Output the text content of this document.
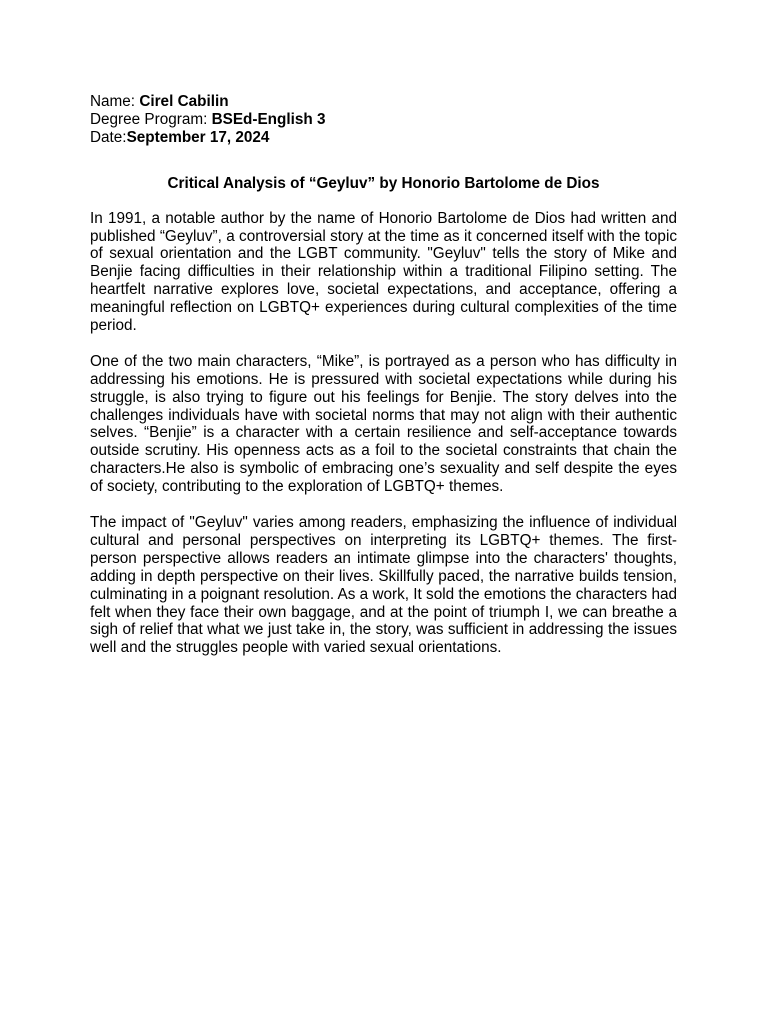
Name: Cirel Cabilin

Degree Program: BSEd-English 3

Date:September 17, 2024

Critical Analysis of “Geyluv” by Honorio Bartolome de Dios

In 1991, a notable author by the name of Honorio Bartolome de Dios had written and published “Geyluv”, a controversial story at the time as it concerned itself with the topic of sexual orientation and the LGBT community. "Geyluv" tells the story of Mike and Benjie facing difficulties in their relationship within a traditional Filipino setting. The heartfelt narrative explores love, societal expectations, and acceptance, offering a meaningful reflection on LGBTQ+ experiences during cultural complexities of the time period.

One of the two main characters, “Mike”, is portrayed as a person who has difficulty in addressing his emotions. He is pressured with societal expectations while during his struggle, is also trying to figure out his feelings for Benjie. The story delves into the challenges individuals have with societal norms that may not align with their authentic selves. “Benjie” is a character with a certain resilience and self-acceptance towards outside scrutiny. His openness acts as a foil to the societal constraints that chain the characters.He also is symbolic of embracing one’s sexuality and self despite the eyes of society, contributing to the exploration of LGBTQ+ themes.

The impact of "Geyluv" varies among readers, emphasizing the influence of individual cultural and personal perspectives on interpreting its LGBTQ+ themes. The first-person perspective allows readers an intimate glimpse into the characters' thoughts, adding in depth perspective on their lives. Skillfully paced, the narrative builds tension, culminating in a poignant resolution. As a work, It sold the emotions the characters had felt when they face their own baggage, and at the point of triumph I, we can breathe a sigh of relief that what we just take in, the story, was sufficient in addressing the issues well and the struggles people with varied sexual orientations.
